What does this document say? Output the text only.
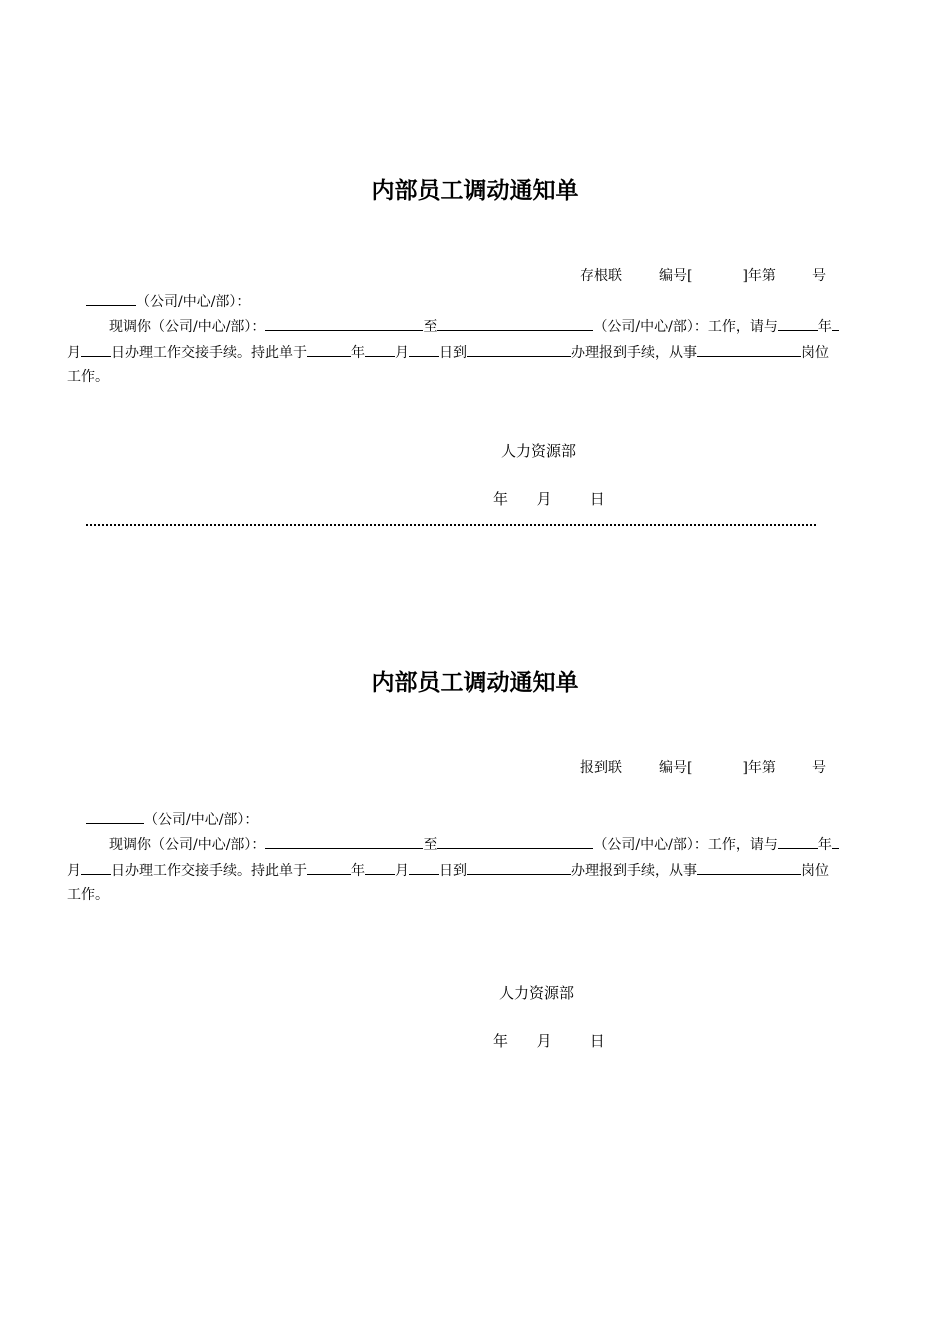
内部员工调动通知单
存根联	编号[	]年第	号
（公司/中心/部）：
现调你（公司/中心/部）：	至	（公司/中心/部）：工作，请与	年
月 日办理工作交接手续。持此单于	年 月 日到	办理报到手续，从事	岗位
工作。
人力资源部
年 月	日
内部员工调动通知单
报到联	编号[	]年第	号
（公司/中心/部）：
现调你（公司/中心/部）：	至	（公司/中心/部）：工作，请与	年
月 日办理工作交接手续。持此单于	年 月 日到	办理报到手续，从事	岗位
工作。
人力资源部
年 月	日
